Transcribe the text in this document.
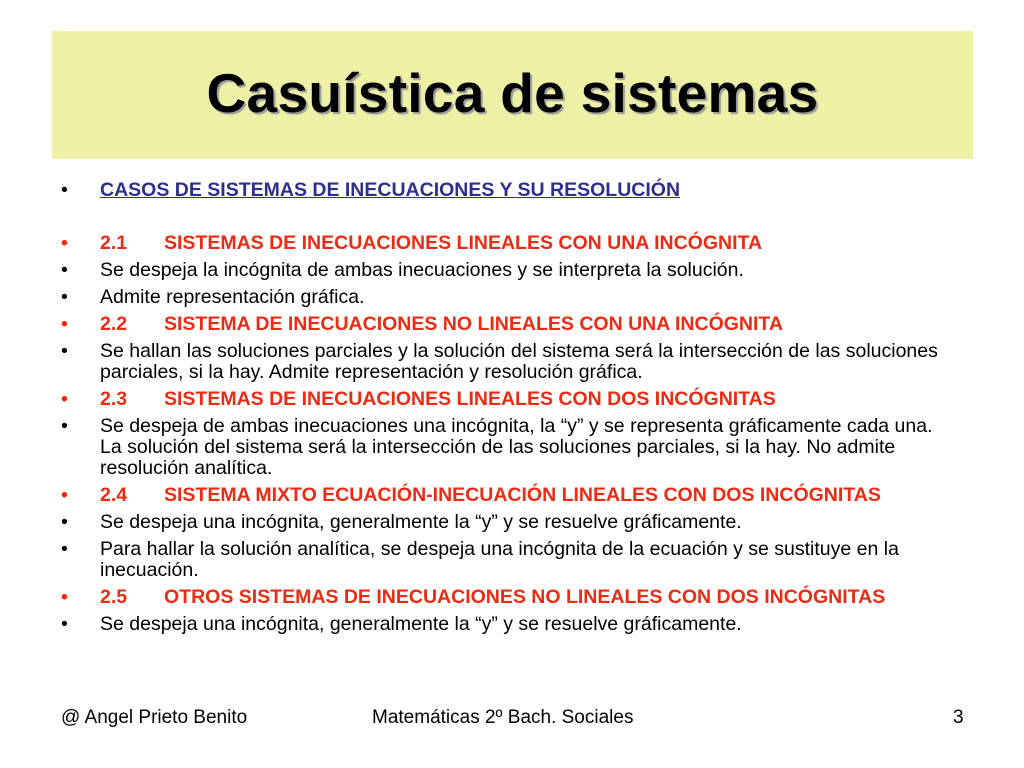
Casuística de sistemas
• CASOS DE SISTEMAS DE INECUACIONES Y SU RESOLUCIÓN
• 2.1 SISTEMAS DE INECUACIONES LINEALES CON UNA INCÓGNITA
• Se despeja la incógnita de ambas inecuaciones y se interpreta la solución.
• Admite representación gráfica.
• 2.2 SISTEMA DE INECUACIONES NO LINEALES CON UNA INCÓGNITA
• Se hallan las soluciones parciales y la solución del sistema será la intersección de las soluciones parciales, si la hay. Admite representación y resolución gráfica.
• 2.3 SISTEMAS DE INECUACIONES LINEALES CON DOS INCÓGNITAS
• Se despeja de ambas inecuaciones una incógnita, la “y” y se representa gráficamente cada una. La solución del sistema será la intersección de las soluciones parciales, si la hay. No admite resolución analítica.
• 2.4 SISTEMA MIXTO ECUACIÓN-INECUACIÓN LINEALES CON DOS INCÓGNITAS
• Se despeja una incógnita, generalmente la “y” y se resuelve gráficamente.
• Para hallar la solución analítica, se despeja una incógnita de la ecuación y se sustituye en la inecuación.
• 2.5 OTROS SISTEMAS DE INECUACIONES NO LINEALES CON DOS INCÓGNITAS
• Se despeja una incógnita, generalmente la “y” y se resuelve gráficamente.
@ Angel Prieto Benito	Matemáticas 2º Bach. Sociales	3
